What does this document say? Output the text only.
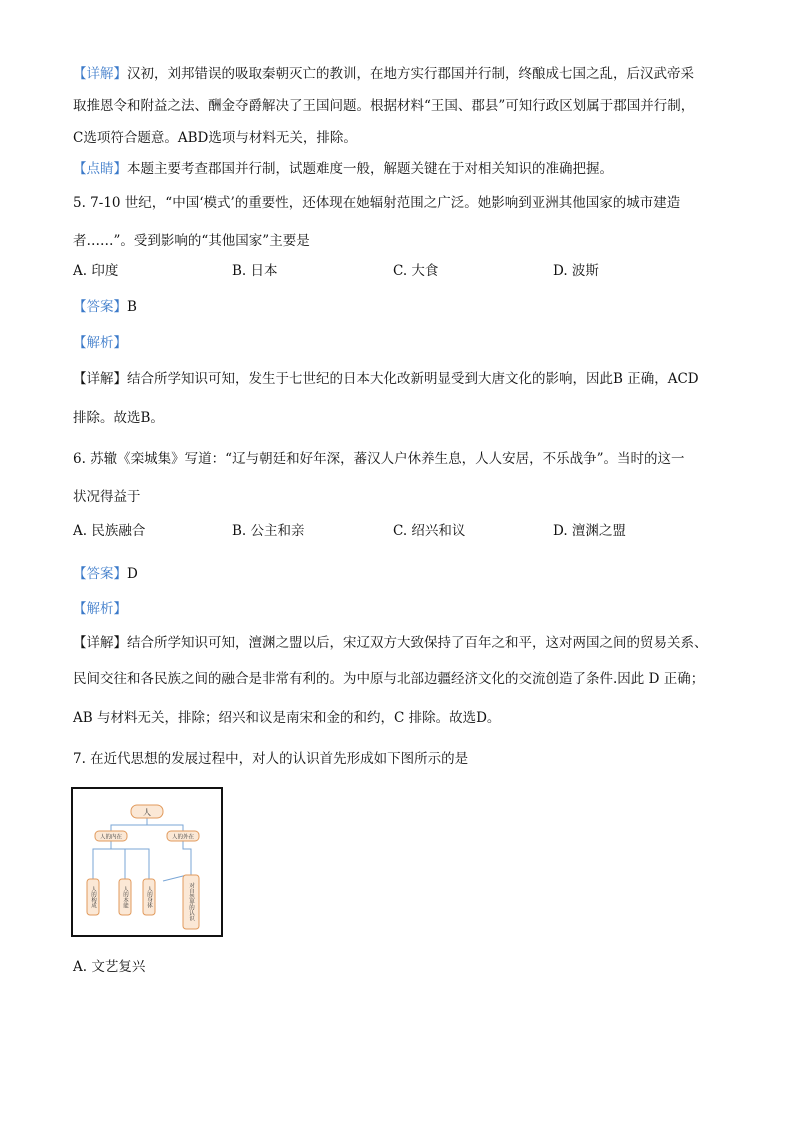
【详解】汉初，刘邦错误的吸取秦朝灭亡的教训，在地方实行郡国并行制，终酿成七国之乱，后汉武帝采
取推恩令和附益之法、酬金夺爵解决了王国问题。根据材料“王国、郡县”可知行政区划属于郡国并行制，
C选项符合题意。ABD选项与材料无关，排除。
【点睛】本题主要考查郡国并行制，试题难度一般，解题关键在于对相关知识的准确把握。
5. 7-10 世纪，“中国‘模式’的重要性，还体现在她辐射范围之广泛。她影响到亚洲其他国家的城市建造
者……”。受到影响的“其他国家”主要是
A. 印度	B. 日本	C. 大食	D. 波斯
【答案】B
【解析】
【详解】结合所学知识可知，发生于七世纪的日本大化改新明显受到大唐文化的影响，因此B 正确，ACD
排除。故选B。
6. 苏辙《栾城集》写道：“辽与朝廷和好年深，蕃汉人户休养生息，人人安居，不乐战争”。当时的这一
状况得益于
A. 民族融合	B. 公主和亲	C. 绍兴和议	D. 澶渊之盟
【答案】D
【解析】
【详解】结合所学知识可知，澶渊之盟以后，宋辽双方大致保持了百年之和平，这对两国之间的贸易关系、
民间交往和各民族之间的融合是非常有利的。为中原与北部边疆经济文化的交流创造了条件.因此 D 正确；
AB 与材料无关，排除；绍兴和议是南宋和金的和约，C 排除。故选D。
7. 在近代思想的发展过程中，对人的认识首先形成如下图所示的是
人
人的内在	人的外在
人的构成	人的本能	人的身体	对自然界的认识
A. 文艺复兴
